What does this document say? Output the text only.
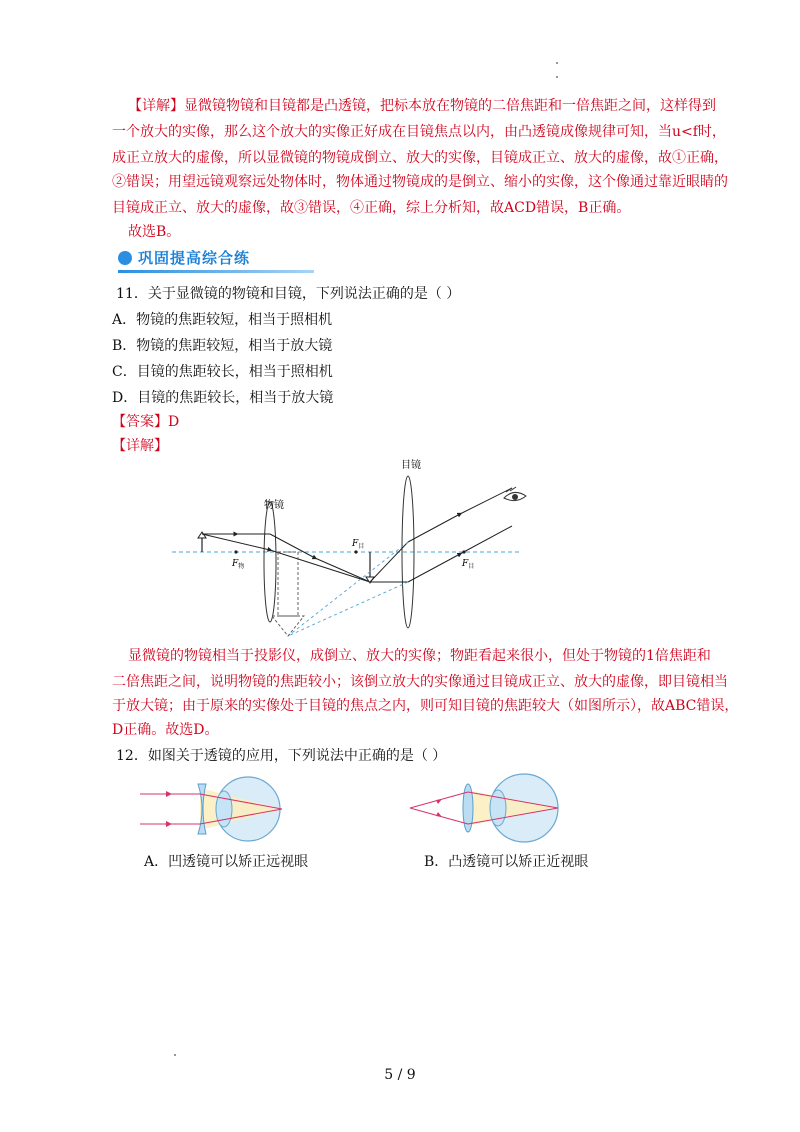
【详解】显微镜物镜和目镜都是凸透镜，把标本放在物镜的二倍焦距和一倍焦距之间，这样得到
一个放大的实像，那么这个放大的实像正好成在目镜焦点以内，由凸透镜成像规律可知，当u<f时，
成正立放大的虚像，所以显微镜的物镜成倒立、放大的实像，目镜成正立、放大的虚像，故①正确，
②错误；用望远镜观察远处物体时，物体通过物镜成的是倒立、缩小的实像，这个像通过靠近眼睛的
目镜成正立、放大的虚像，故③错误，④正确，综上分析知，故ACD错误，B正确。
故选B。
巩固提高综合练
11．关于显微镜的物镜和目镜，下列说法正确的是（ ）
A．物镜的焦距较短，相当于照相机
B．物镜的焦距较短，相当于放大镜
C．目镜的焦距较长，相当于照相机
D．目镜的焦距较长，相当于放大镜
【答案】D
【详解】
物镜
目镜
$F_物$
$F_目$
$F_目$
显微镜的物镜相当于投影仪，成倒立、放大的实像；物距看起来很小，但处于物镜的1倍焦距和
二倍焦距之间，说明物镜的焦距较小；该倒立放大的实像通过目镜成正立、放大的虚像，即目镜相当
于放大镜；由于原来的实像处于目镜的焦点之内，则可知目镜的焦距较大（如图所示），故ABC错误，
D正确。故选D。
12．如图关于透镜的应用，下列说法中正确的是（ ）
A．凹透镜可以矫正远视眼	B．凸透镜可以矫正近视眼
5 / 9
